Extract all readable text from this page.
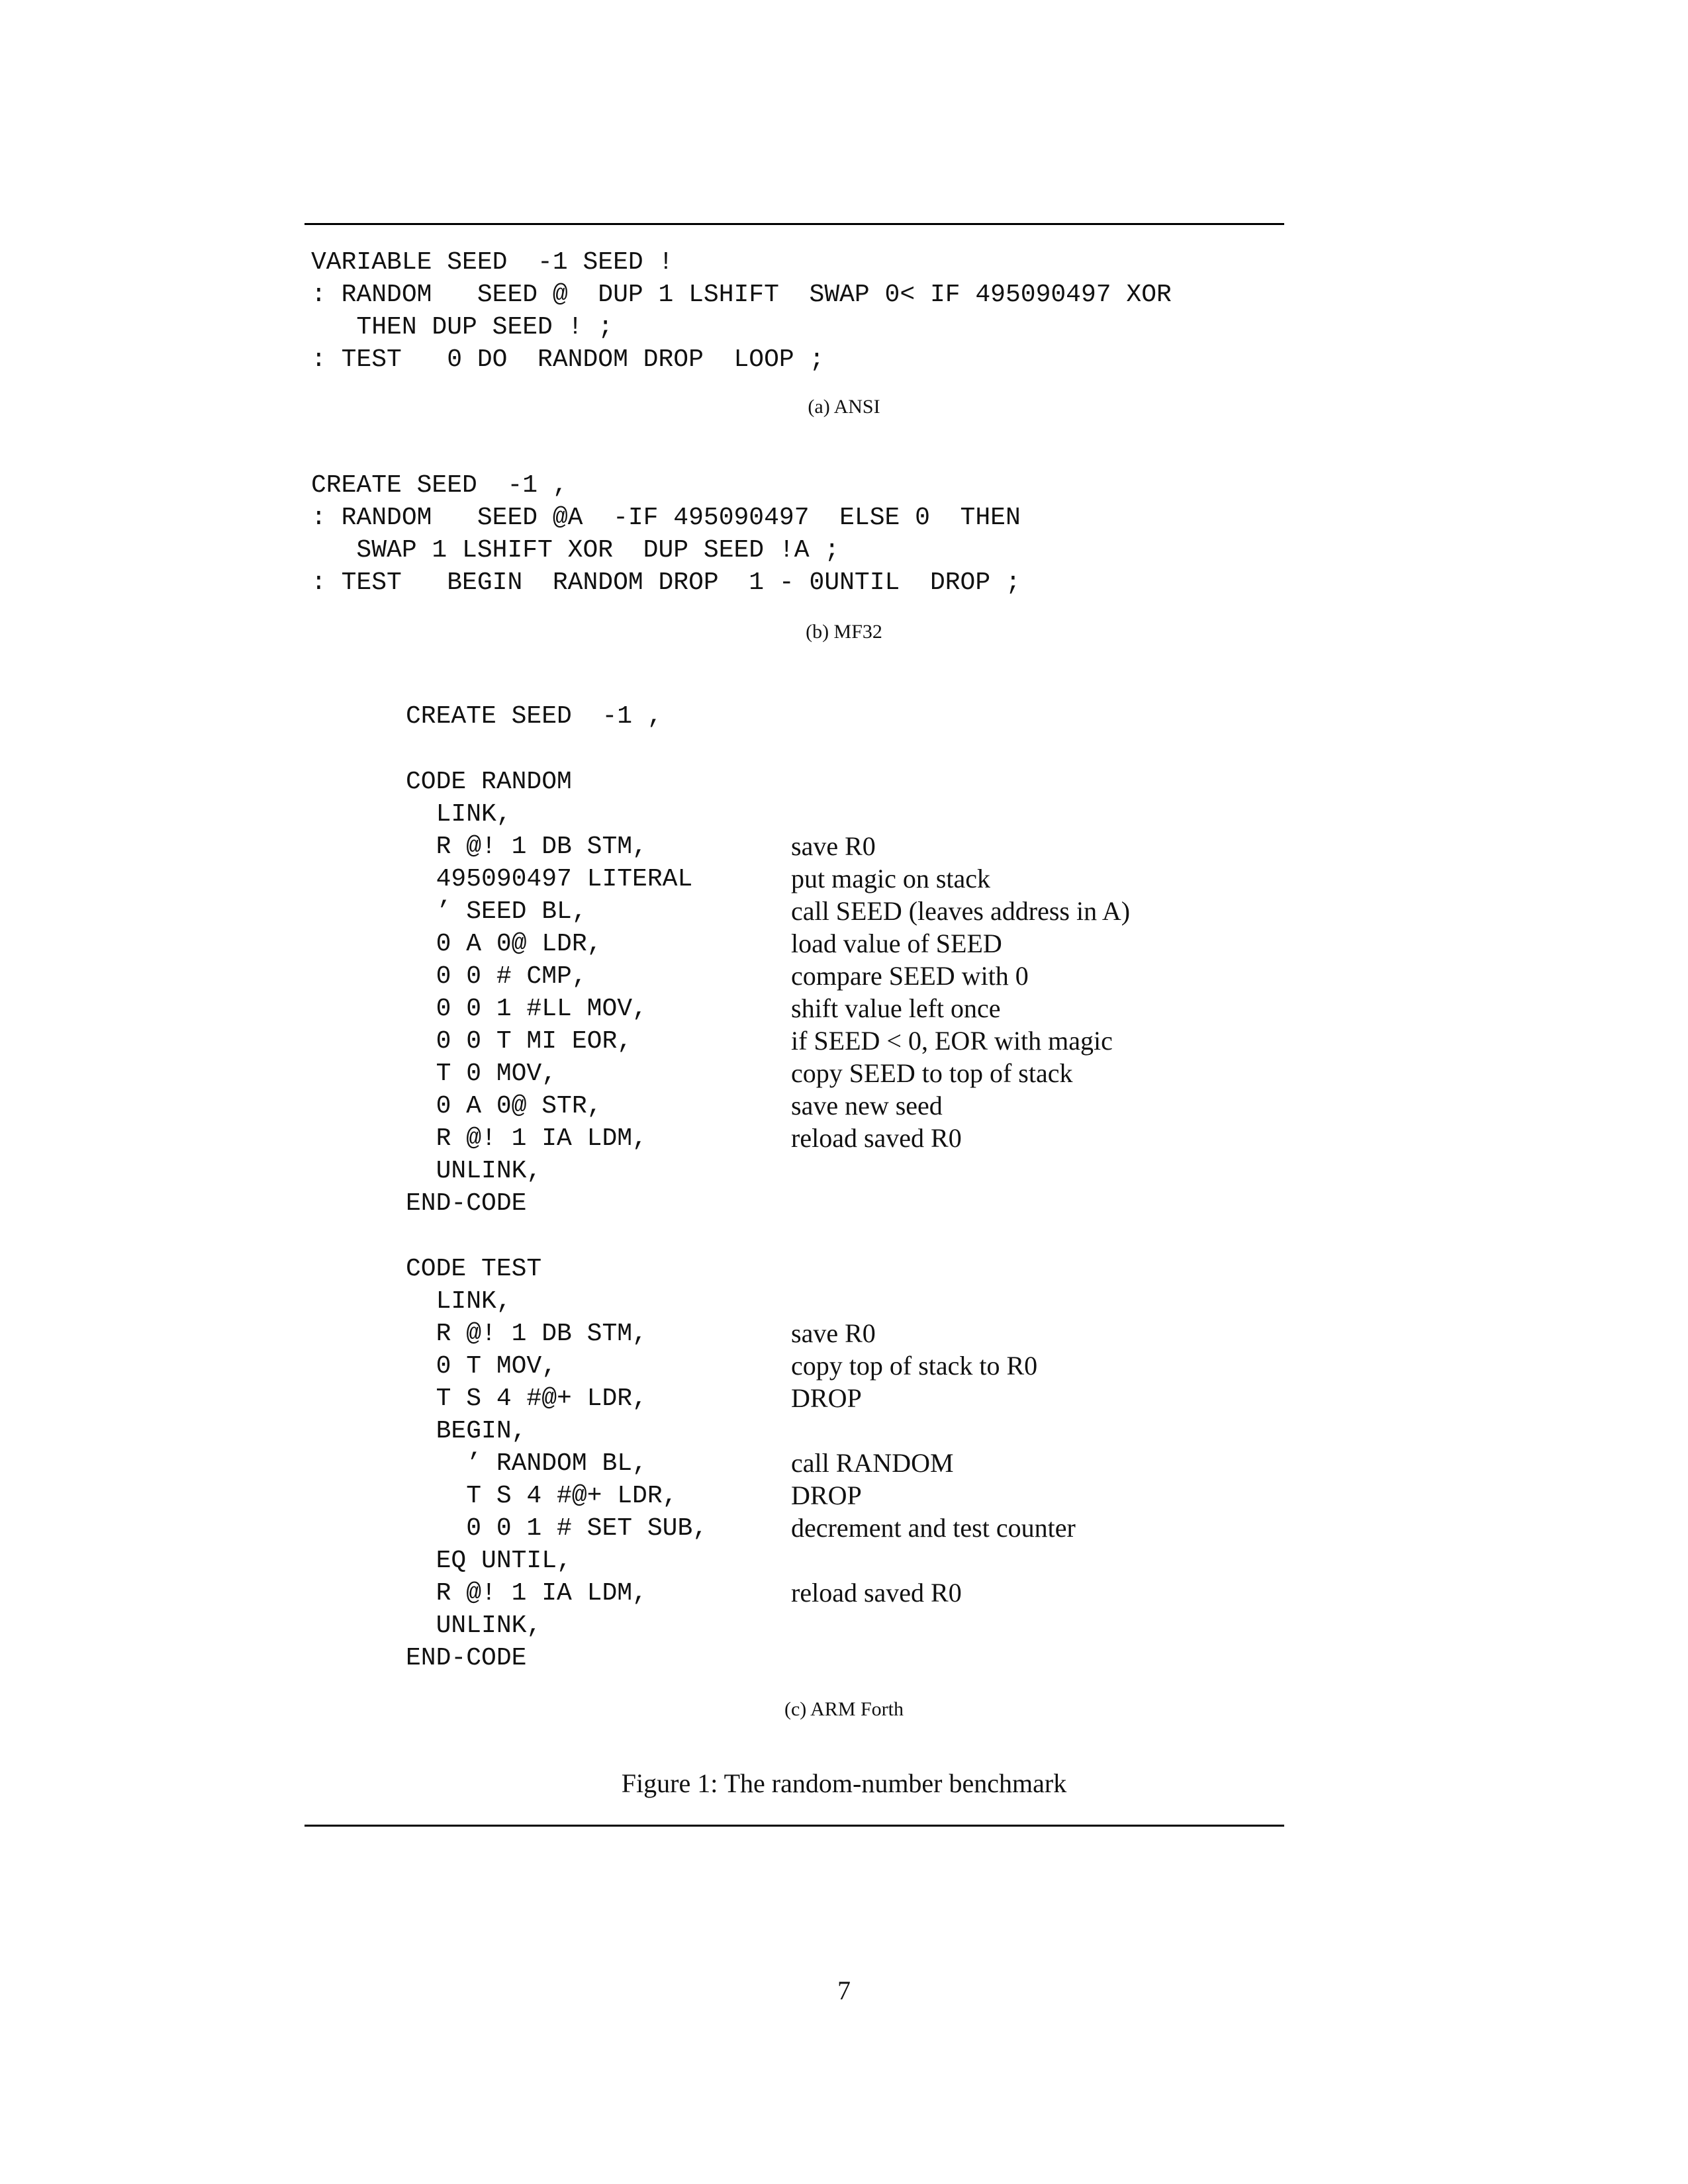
VARIABLE SEED  -1 SEED !

: RANDOM   SEED @  DUP 1 LSHIFT  SWAP 0< IF 495090497 XOR

THEN DUP SEED ! ;

: TEST   0 DO  RANDOM DROP  LOOP ;

(a) ANSI

CREATE SEED  -1 ,

: RANDOM   SEED @A  -IF 495090497  ELSE 0  THEN

SWAP 1 LSHIFT XOR  DUP SEED !A ;

: TEST   BEGIN  RANDOM DROP  1 - 0UNTIL  DROP ;

(b) MF32

CREATE SEED  -1 ,

CODE RANDOM

LINK,

R @! 1 DB STM,

495090497 LITERAL

’ SEED BL,

0 A 0@ LDR,

0 0 # CMP,

0 0 1 #LL MOV,

0 0 T MI EOR,

T 0 MOV,

0 A 0@ STR,

R @! 1 IA LDM,

UNLINK,

END-CODE

save R0
put magic on stack
call SEED (leaves address in A)
load value of SEED
compare SEED with 0
shift value left once
if SEED < 0, EOR with magic
copy SEED to top of stack
save new seed
reload saved R0

CODE TEST

LINK,

R @! 1 DB STM,

0 T MOV,

T S 4 #@+ LDR,

BEGIN,

’ RANDOM BL,

T S 4 #@+ LDR,

0 0 1 # SET SUB,

EQ UNTIL,

R @! 1 IA LDM,

UNLINK,

END-CODE

save R0
copy top of stack to R0
DROP
call RANDOM
DROP
decrement and test counter
reload saved R0
(c) ARM Forth
Figure 1: The random-number benchmark
7
